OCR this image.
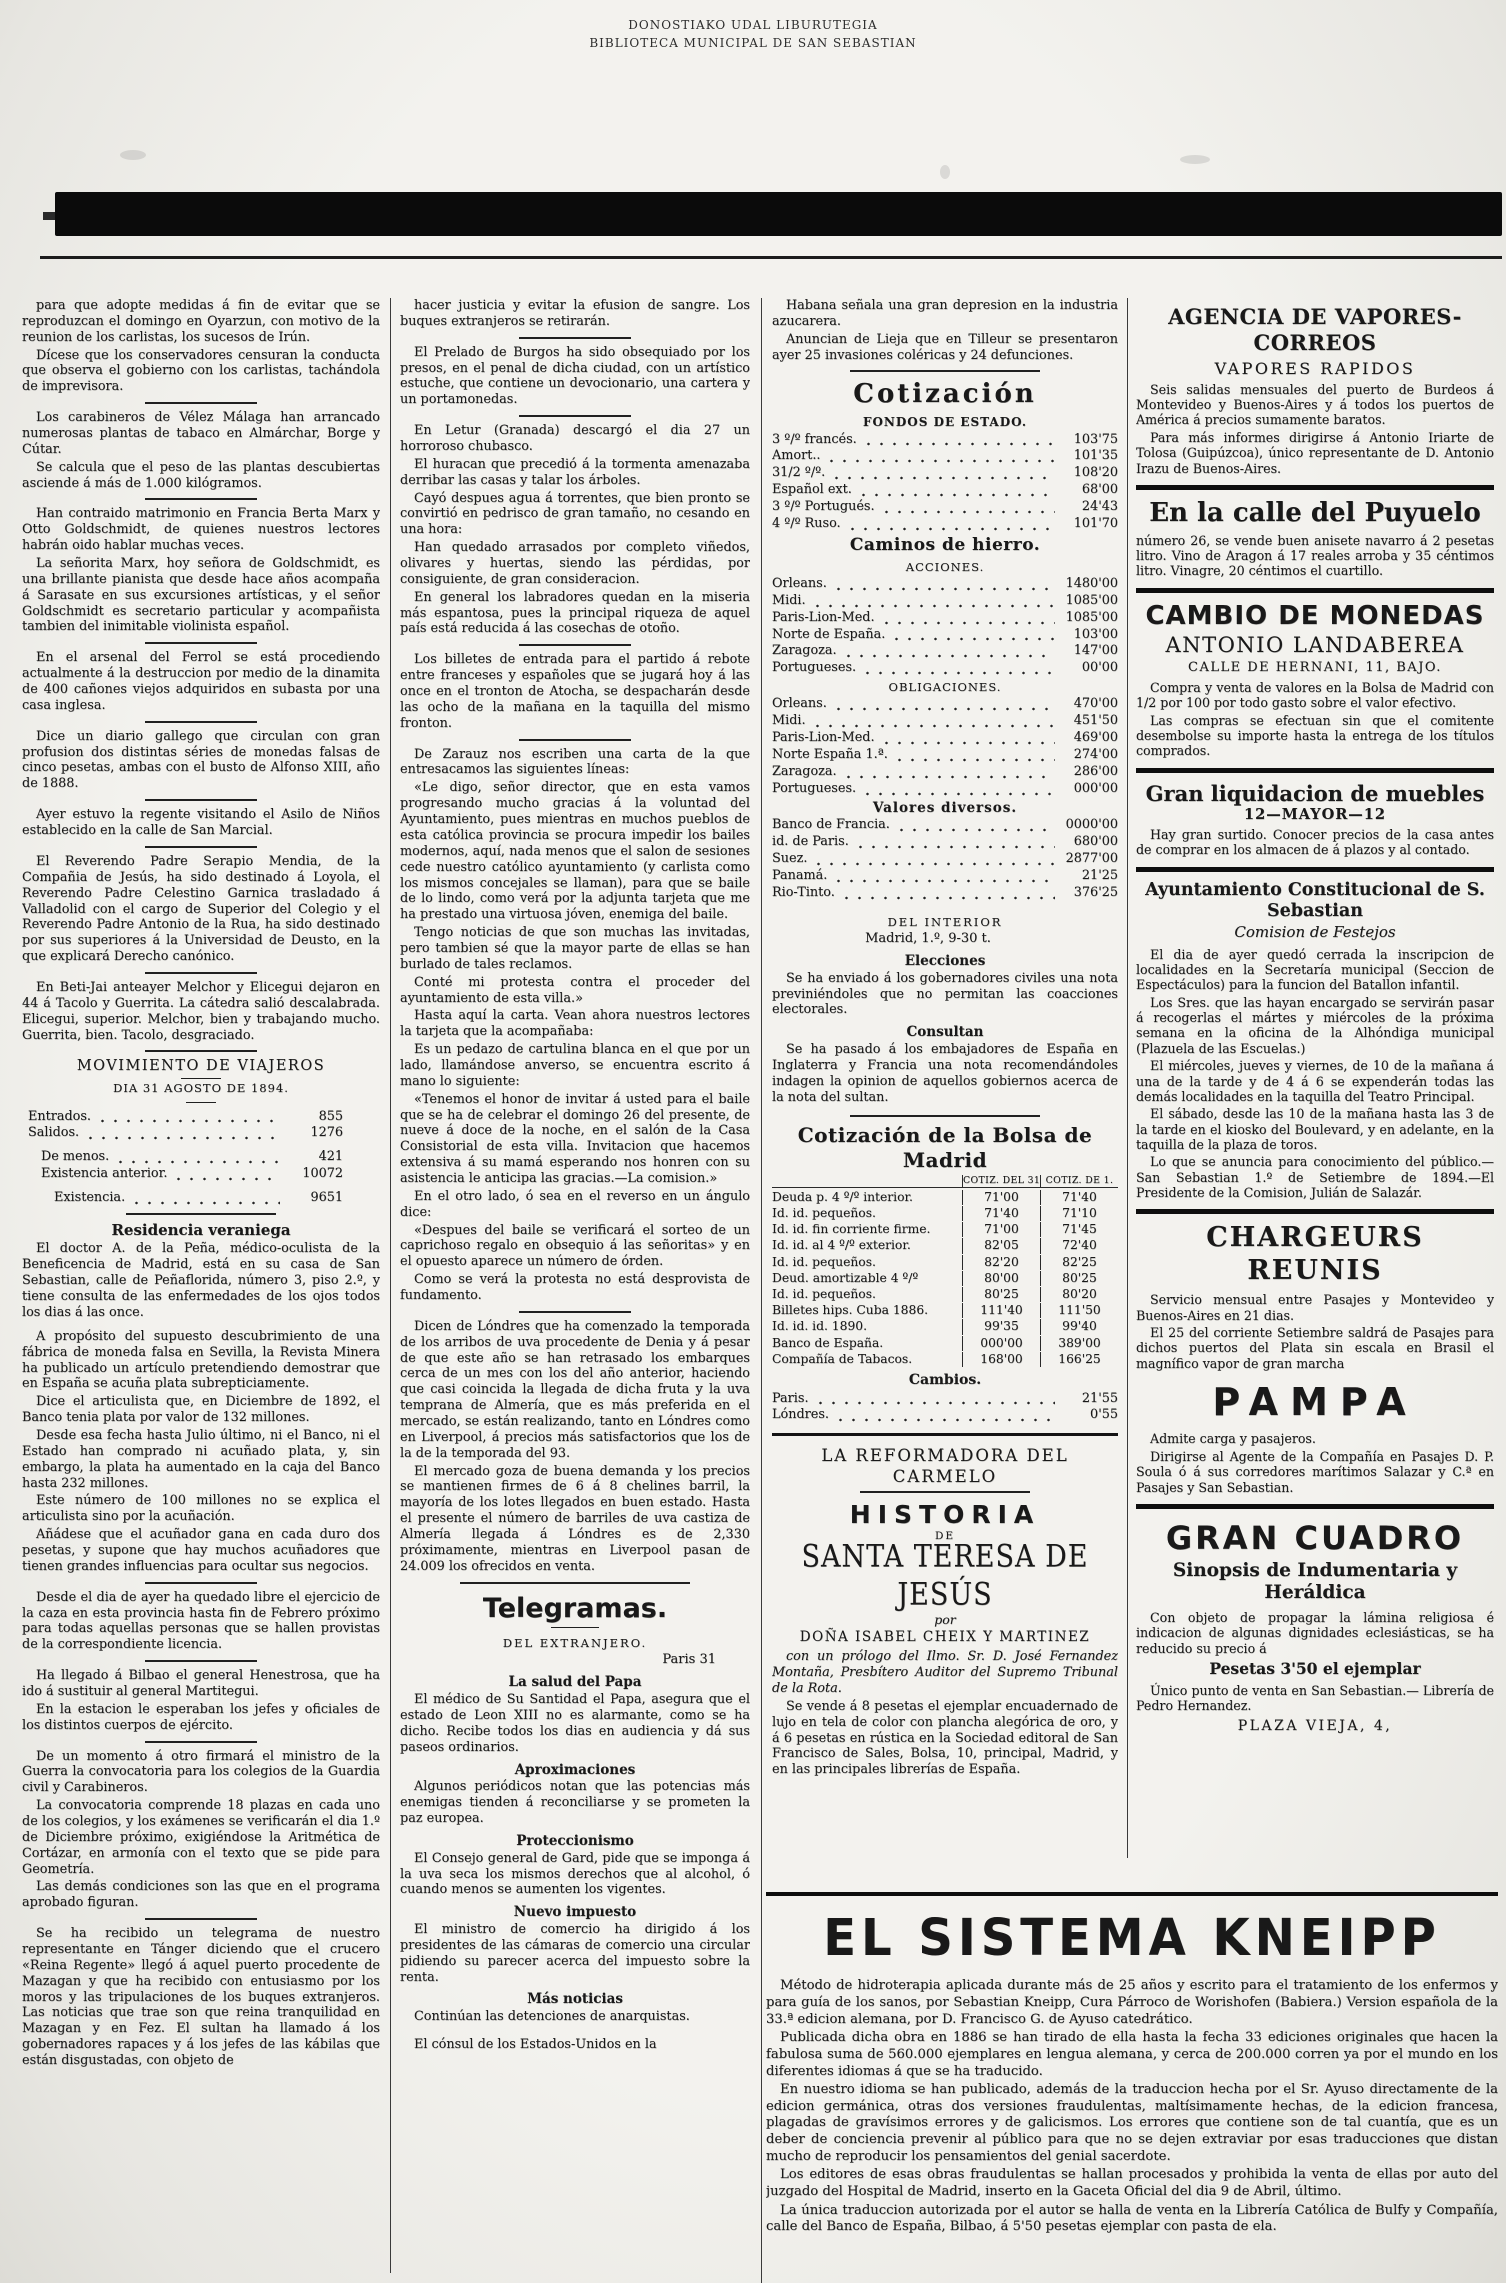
DONOSTIAKO UDAL LIBURUTEGIA
BIBLIOTECA MUNICIPAL DE SAN SEBASTIAN

para que adopte medidas á fin de evitar que se reproduzcan el domingo en Oyarzun, con motivo de la reunion de los carlistas, los sucesos de Irún.

Dícese que los conservadores censuran la conducta que observa el gobierno con los carlistas, tachándola de imprevisora.

Los carabineros de Vélez Málaga han arrancado numerosas plantas de tabaco en Almárchar, Borge y Cútar.

Se calcula que el peso de las plantas descubiertas asciende á más de 1.000 kilógramos.

Han contraido matrimonio en Francia Berta Marx y Otto Goldschmidt, de quienes nuestros lectores habrán oido hablar muchas veces.

La señorita Marx, hoy señora de Goldschmidt, es una brillante pianista que desde hace años acompaña á Sarasate en sus excursiones artísticas, y el señor Goldschmidt es secretario particular y acompañista tambien del inimitable violinista español.

En el arsenal del Ferrol se está procediendo actualmente á la destruccion por medio de la dinamita de 400 cañones viejos adquiridos en subasta por una casa inglesa.

Dice un diario gallego que circulan con gran profusion dos distintas séries de monedas falsas de cinco pesetas, ambas con el busto de Alfonso XIII, año de 1888.

Ayer estuvo la regente visitando el Asilo de Niños establecido en la calle de San Marcial.

El Reverendo Padre Serapio Mendia, de la Compañia de Jesús, ha sido destinado á Loyola, el Reverendo Padre Celestino Garnica trasladado á Valladolid con el cargo de Superior del Colegio y el Reverendo Padre Antonio de la Rua, ha sido destinado por sus superiores á la Universidad de Deusto, en la que explicará Derecho canónico.

En Beti-Jai anteayer Melchor y Elicegui dejaron en 44 á Tacolo y Guerrita. La cátedra salió descalabrada. Elicegui, superior. Melchor, bien y trabajando mucho. Guerrita, bien. Tacolo, desgraciado.

MOVIMIENTO DE VIAJEROS
DIA 31 AGOSTO DE 1894.
Entrados.	855
Salidos.	1276
De menos.	421
Existencia anterior.	10072
Existencia.	9651
Residencia veraniega

El doctor A. de la Peña, médico-oculista de la Beneficencia de Madrid, está en su casa de San Sebastian, calle de Peñaflorida, número 3, piso 2.º, y tiene consulta de las enfermedades de los ojos todos los dias á las once.

A propósito del supuesto descubrimiento de una fábrica de moneda falsa en Sevilla, la Revista Minera ha publicado un artículo pretendiendo demostrar que en España se acuña plata subrepticiamente.

Dice el articulista que, en Diciembre de 1892, el Banco tenia plata por valor de 132 millones.

Desde esa fecha hasta Julio último, ni el Banco, ni el Estado han comprado ni acuñado plata, y, sin embargo, la plata ha aumentado en la caja del Banco hasta 232 millones.

Este número de 100 millones no se explica el articulista sino por la acuñación.

Añádese que el acuñador gana en cada duro dos pesetas, y supone que hay muchos acuñadores que tienen grandes influencias para ocultar sus negocios.

Desde el dia de ayer ha quedado libre el ejercicio de la caza en esta provincia hasta fin de Febrero próximo para todas aquellas personas que se hallen provistas de la correspondiente licencia.

Ha llegado á Bilbao el general Henestrosa, que ha ido á sustituir al general Martitegui.

En la estacion le esperaban los jefes y oficiales de los distintos cuerpos de ejército.

De un momento á otro firmará el ministro de la Guerra la convocatoria para los colegios de la Guardia civil y Carabineros.

La convocatoria comprende 18 plazas en cada uno de los colegios, y los exámenes se verificarán el dia 1.º de Diciembre próximo, exigiéndose la Aritmética de Cortázar, en armonía con el texto que se pide para Geometría.

Las demás condiciones son las que en el programa aprobado figuran.

Se ha recibido un telegrama de nuestro representante en Tánger diciendo que el crucero «Reina Regente» llegó á aquel puerto procedente de Mazagan y que ha recibido con entusiasmo por los moros y las tripulaciones de los buques extranjeros. Las noticias que trae son que reina tranquilidad en Mazagan y en Fez. El sultan ha llamado á los gobernadores rapaces y á los jefes de las kábilas que están disgustadas, con objeto de

hacer justicia y evitar la efusion de sangre. Los buques extranjeros se retirarán.

El Prelado de Burgos ha sido obsequiado por los presos, en el penal de dicha ciudad, con un artístico estuche, que contiene un devocionario, una cartera y un portamonedas.

En Letur (Granada) descargó el dia 27 un horroroso chubasco.

El huracan que precedió á la tormenta amenazaba derribar las casas y talar los árboles.

Cayó despues agua á torrentes, que bien pronto se convirtió en pedrisco de gran tamaño, no cesando en una hora:

Han quedado arrasados por completo viñedos, olivares y huertas, siendo las pérdidas, por consiguiente, de gran consideracion.

En general los labradores quedan en la miseria más espantosa, pues la principal riqueza de aquel país está reducida á las cosechas de otoño.

Los billetes de entrada para el partido á rebote entre franceses y españoles que se jugará hoy á las once en el tronton de Atocha, se despacharán desde las ocho de la mañana en la taquilla del mismo fronton.

De Zarauz nos escriben una carta de la que entresacamos las siguientes líneas:

«Le digo, señor director, que en esta vamos progresando mucho gracias á la voluntad del Ayuntamiento, pues mientras en muchos pueblos de esta católica provincia se procura impedir los bailes modernos, aquí, nada menos que el salon de sesiones cede nuestro católico ayuntamiento (y carlista como los mismos concejales se llaman), para que se baile de lo lindo, como verá por la adjunta tarjeta que me ha prestado una virtuosa jóven, enemiga del baile.

Tengo noticias de que son muchas las invitadas, pero tambien sé que la mayor parte de ellas se han burlado de tales reclamos.

Conté mi protesta contra el proceder del ayuntamiento de esta villa.»

Hasta aquí la carta. Vean ahora nuestros lectores la tarjeta que la acompañaba:

Es un pedazo de cartulina blanca en el que por un lado, llamándose anverso, se encuentra escrito á mano lo siguiente:

«Tenemos el honor de invitar á usted para el baile que se ha de celebrar el domingo 26 del presente, de nueve á doce de la noche, en el salón de la Casa Consistorial de esta villa. Invitacion que hacemos extensiva á su mamá esperando nos honren con su asistencia le anticipa las gracias.—La comision.»

En el otro lado, ó sea en el reverso en un ángulo dice:

«Despues del baile se verificará el sorteo de un caprichoso regalo en obsequio á las señoritas» y en el opuesto aparece un número de órden.

Como se verá la protesta no está desprovista de fundamento.

Dicen de Lóndres que ha comenzado la temporada de los arribos de uva procedente de Denia y á pesar de que este año se han retrasado los embarques cerca de un mes con los del año anterior, haciendo que casi coincida la llegada de dicha fruta y la uva temprana de Almería, que es más preferida en el mercado, se están realizando, tanto en Lóndres como en Liverpool, á precios más satisfactorios que los de la de la temporada del 93.

El mercado goza de buena demanda y los precios se mantienen firmes de 6 á 8 chelines barril, la mayoría de los lotes llegados en buen estado. Hasta el presente el número de barriles de uva castiza de Almería llegada á Lóndres es de 2,330 próximamente, mientras en Liverpool pasan de 24.009 los ofrecidos en venta.

Telegramas.
DEL EXTRANJERO.
Paris 31
La salud del Papa

El médico de Su Santidad el Papa, asegura que el estado de Leon XIII no es alarmante, como se ha dicho. Recibe todos los dias en audiencia y dá sus paseos ordinarios.

Aproximaciones

Algunos periódicos notan que las potencias más enemigas tienden á reconciliarse y se prometen la paz europea.

Proteccionismo

El Consejo general de Gard, pide que se imponga á la uva seca los mismos derechos que al alcohol, ó cuando menos se aumenten los vigentes.

Nuevo impuesto

El ministro de comercio ha dirigido á los presidentes de las cámaras de comercio una circular pidiendo su parecer acerca del impuesto sobre la renta.

Más noticias

Continúan las detenciones de anarquistas.

El cónsul de los Estados-Unidos en la

Habana señala una gran depresion en la industria azucarera.

Anuncian de Lieja que en Tilleur se presentaron ayer 25 invasiones coléricas y 24 defunciones.

Cotización
FONDOS DE ESTADO.
3 º/º francés.	103'75
Amort..	101'35
31/2 º/º.	108'20
Español ext.	68'00
3 º/º Portugués.	24'43
4 º/º Ruso.	101'70
Caminos de hierro.
ACCIONES.
Orleans.	1480'00
Midi.	1085'00
Paris-Lion-Med.	1085'00
Norte de España.	103'00
Zaragoza.	147'00
Portugueses.	00'00
OBLIGACIONES.
Orleans.	470'00
Midi.	451'50
Paris-Lion-Med.	469'00
Norte España 1.ª.	274'00
Zaragoza.	286'00
Portugueses.	000'00
Valores diversos.
Banco de Francia.	0000'00
id. de Paris.	680'00
Suez.	2877'00
Panamá.	21'25
Rio-Tinto.	376'25
DEL INTERIOR
Madrid, 1.º, 9-30 t.
Elecciones

Se ha enviado á los gobernadores civiles una nota previniéndoles que no permitan las coacciones electorales.

Consultan

Se ha pasado á los embajadores de España en Inglaterra y Francia una nota recomendándoles indagen la opinion de aquellos gobiernos acerca de la nota del sultan.

Cotización de la Bolsa de Madrid
COTIZ. DEL 31 COTIZ. DE 1.
Deuda p. 4 º/º interior.	71'00	71'40
Id. id. pequeños.	71'40	71'10
Id. id. fin corriente firme.	71'00	71'45
Id. id. al 4 º/º exterior.	82'05	72'40
Id. id. pequeños.	82'20	82'25
Deud. amortizable 4 º/º	80'00	80'25
Id. id. pequeños.	80'25	80'20
Billetes hips. Cuba 1886.	111'40	111'50
Id. id. id. 1890.	99'35	99'40
Banco de España.	000'00	389'00
Compañía de Tabacos.	168'00	166'25
Cambios.
Paris.	21'55
Lóndres.	0'55
LA REFORMADORA DEL CARMELO
HISTORIA
DE
SANTA TERESA DE JESÚS
por
DOÑA ISABEL CHEIX Y MARTINEZ

con un prólogo del Ilmo. Sr. D. José Fernandez Montaña, Presbítero Auditor del Supremo Tribunal de la Rota.

Se vende á 8 pesetas el ejemplar encuadernado de lujo en tela de color con plancha alegórica de oro, y á 6 pesetas en rústica en la Sociedad editoral de San Francisco de Sales, Bolsa, 10, principal, Madrid, y en las principales librerías de España.

AGENCIA DE VAPORES-CORREOS
VAPORES RAPIDOS

Seis salidas mensuales del puerto de Burdeos á Montevideo y Buenos-Aires y á todos los puertos de América á precios sumamente baratos.

Para más informes dirigirse á Antonio Iriarte de Tolosa (Guipúzcoa), único representante de D. Antonio Irazu de Buenos-Aires.

En la calle del Puyuelo

número 26, se vende buen anisete navarro á 2 pesetas litro. Vino de Aragon á 17 reales arroba y 35 céntimos litro. Vinagre, 20 céntimos el cuartillo.

CAMBIO DE MONEDAS
ANTONIO LANDABEREA
CALLE DE HERNANI, 11, BAJO.

Compra y venta de valores en la Bolsa de Madrid con 1/2 por 100 por todo gasto sobre el valor efectivo.

Las compras se efectuan sin que el comitente desembolse su importe hasta la entrega de los títulos comprados.

Gran liquidacion de muebles
12—MAYOR—12

Hay gran surtido. Conocer precios de la casa antes de comprar en los almacen de á plazos y al contado.

Ayuntamiento Constitucional de S. Sebastian
Comision de Festejos

El dia de ayer quedó cerrada la inscripcion de localidades en la Secretaría municipal (Seccion de Espectáculos) para la funcion del Batallon infantil.

Los Sres. que las hayan encargado se servirán pasar á recogerlas el mártes y miércoles de la próxima semana en la oficina de la Alhóndiga municipal (Plazuela de las Escuelas.)

El miércoles, jueves y viernes, de 10 de la mañana á una de la tarde y de 4 á 6 se expenderán todas las demás localidades en la taquilla del Teatro Principal.

El sábado, desde las 10 de la mañana hasta las 3 de la tarde en el kiosko del Boulevard, y en adelante, en la taquilla de la plaza de toros.

Lo que se anuncia para conocimiento del público.—San Sebastian 1.º de Setiembre de 1894.—El Presidente de la Comision, Julián de Salazár.

CHARGEURS REUNIS

Servicio mensual entre Pasajes y Montevideo y Buenos-Aires en 21 dias.

El 25 del corriente Setiembre saldrá de Pasajes para dichos puertos del Plata sin escala en Brasil el magnífico vapor de gran marcha

PAMPA

Admite carga y pasajeros.

Dirigirse al Agente de la Compañía en Pasajes D. P. Soula ó á sus corredores marítimos Salazar y C.ª en Pasajes y San Sebastian.

GRAN CUADRO
Sinopsis de Indumentaria y Heráldica

Con objeto de propagar la lámina religiosa é indicacion de algunas dignidades eclesiásticas, se ha reducido su precio á

Pesetas 3'50 el ejemplar

Único punto de venta en San Sebastian.— Librería de Pedro Hernandez.

PLAZA VIEJA, 4,
EL SISTEMA KNEIPP

Método de hidroterapia aplicada durante más de 25 años y escrito para el tratamiento de los enfermos y para guía de los sanos, por Sebastian Kneipp, Cura Párroco de Worishofen (Babiera.) Version española de la 33.ª edicion alemana, por D. Francisco G. de Ayuso catedrático.

Publicada dicha obra en 1886 se han tirado de ella hasta la fecha 33 ediciones originales que hacen la fabulosa suma de 560.000 ejemplares en lengua alemana, y cerca de 200.000 corren ya por el mundo en los diferentes idiomas á que se ha traducido.

En nuestro idioma se han publicado, además de la traduccion hecha por el Sr. Ayuso directamente de la edicion germánica, otras dos versiones fraudulentas, maltísimamente hechas, de la edicion francesa, plagadas de gravísimos errores y de galicismos. Los errores que contiene son de tal cuantía, que es un deber de conciencia prevenir al público para que no se dejen extraviar por esas traducciones que distan mucho de reproducir los pensamientos del genial sacerdote.

Los editores de esas obras fraudulentas se hallan procesados y prohibida la venta de ellas por auto del juzgado del Hospital de Madrid, inserto en la Gaceta Oficial del dia 9 de Abril, último.

La única traduccion autorizada por el autor se halla de venta en la Librería Católica de Bulfy y Compañía, calle del Banco de España, Bilbao, á 5'50 pesetas ejemplar con pasta de ela.
